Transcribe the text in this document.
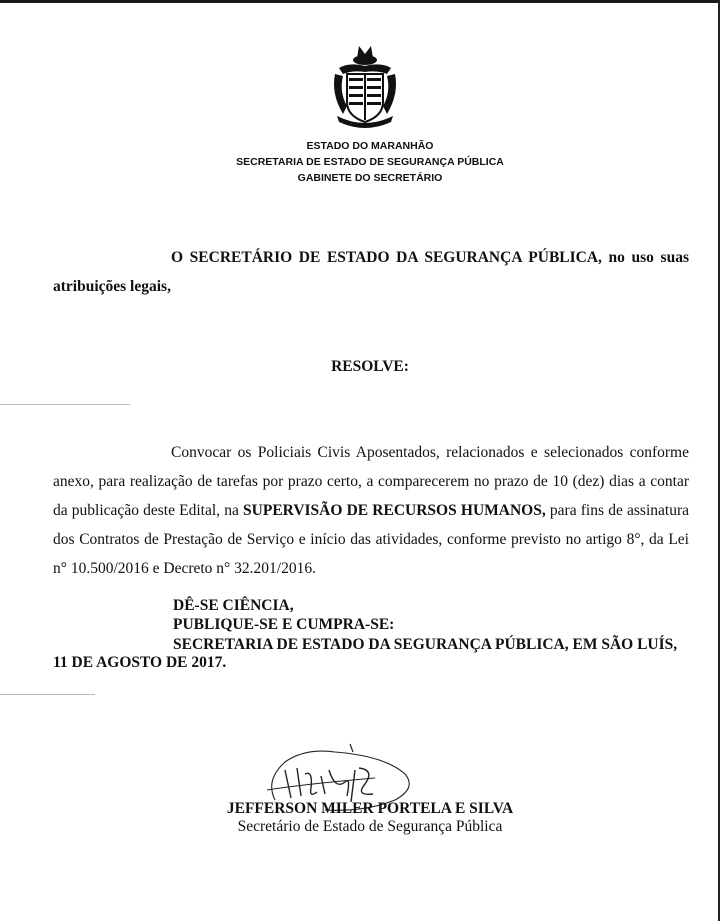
ESTADO DO MARANHÃO
SECRETARIA DE ESTADO DE SEGURANÇA PÚBLICA
GABINETE DO SECRETÁRIO
O SECRETÁRIO DE ESTADO DA SEGURANÇA PÚBLICA, no uso suas atribuições legais,
RESOLVE:
Convocar os Policiais Civis Aposentados, relacionados e selecionados conforme anexo, para realização de tarefas por prazo certo, a comparecerem no prazo de 10 (dez) dias a contar da publicação deste Edital, na SUPERVISÃO DE RECURSOS HUMANOS, para fins de assinatura dos Contratos de Prestação de Serviço e início das atividades, conforme previsto no artigo 8°, da Lei n° 10.500/2016 e Decreto n° 32.201/2016.
DÊ-SE CIÊNCIA,
PUBLIQUE-SE E CUMPRA-SE:
SECRETARIA DE ESTADO DA SEGURANÇA PÚBLICA, EM SÃO LUÍS, 11 DE AGOSTO DE 2017.
JEFFERSON MILER PORTELA E SILVA
Secretário de Estado de Segurança Pública
